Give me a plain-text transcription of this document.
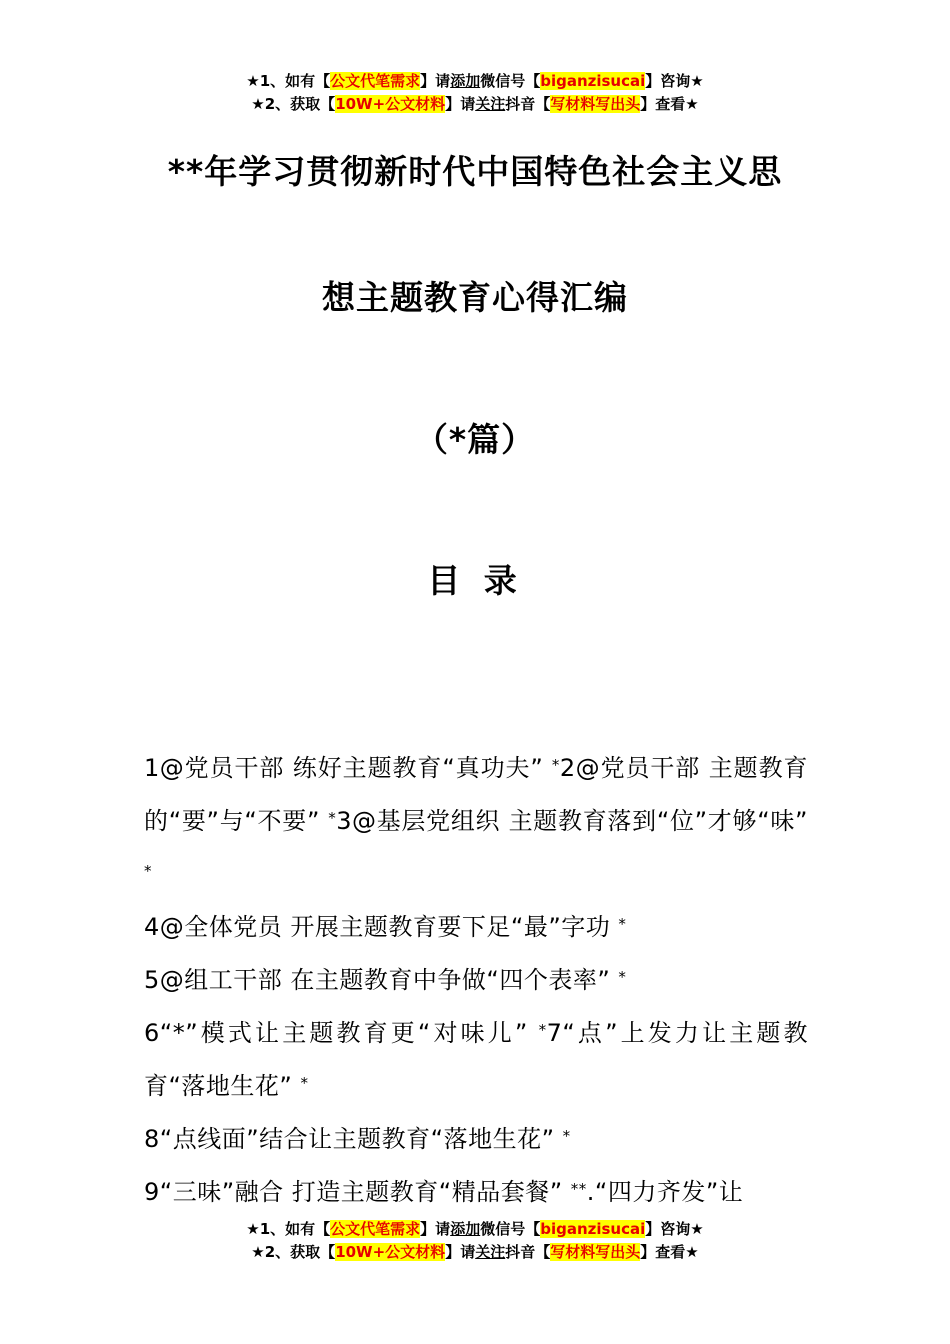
★1、如有【公文代笔需求】请添加微信号【biganzisucai】咨询★
★2、获取【10W+公文材料】请关注抖音【写材料写出头】查看★
**年学习贯彻新时代中国特色社会主义思
想主题教育心得汇编
（*篇）
目 录

1@党员干部 练好主题教育“真功夫” *2@党员干部 主题教育的“要”与“不要” *3@基层党组织 主题教育落到“位”才够“味” *

4@全体党员 开展主题教育要下足“最”字功 *

5@组工干部 在主题教育中争做“四个表率” *

6“*”模式让主题教育更“对味儿” *7“点”上发力让主题教育“落地生花” *

8“点线面”结合让主题教育“落地生花” *

9“三味”融合 打造主题教育“精品套餐” **.“四力齐发”让

★1、如有【公文代笔需求】请添加微信号【biganzisucai】咨询★
★2、获取【10W+公文材料】请关注抖音【写材料写出头】查看★
